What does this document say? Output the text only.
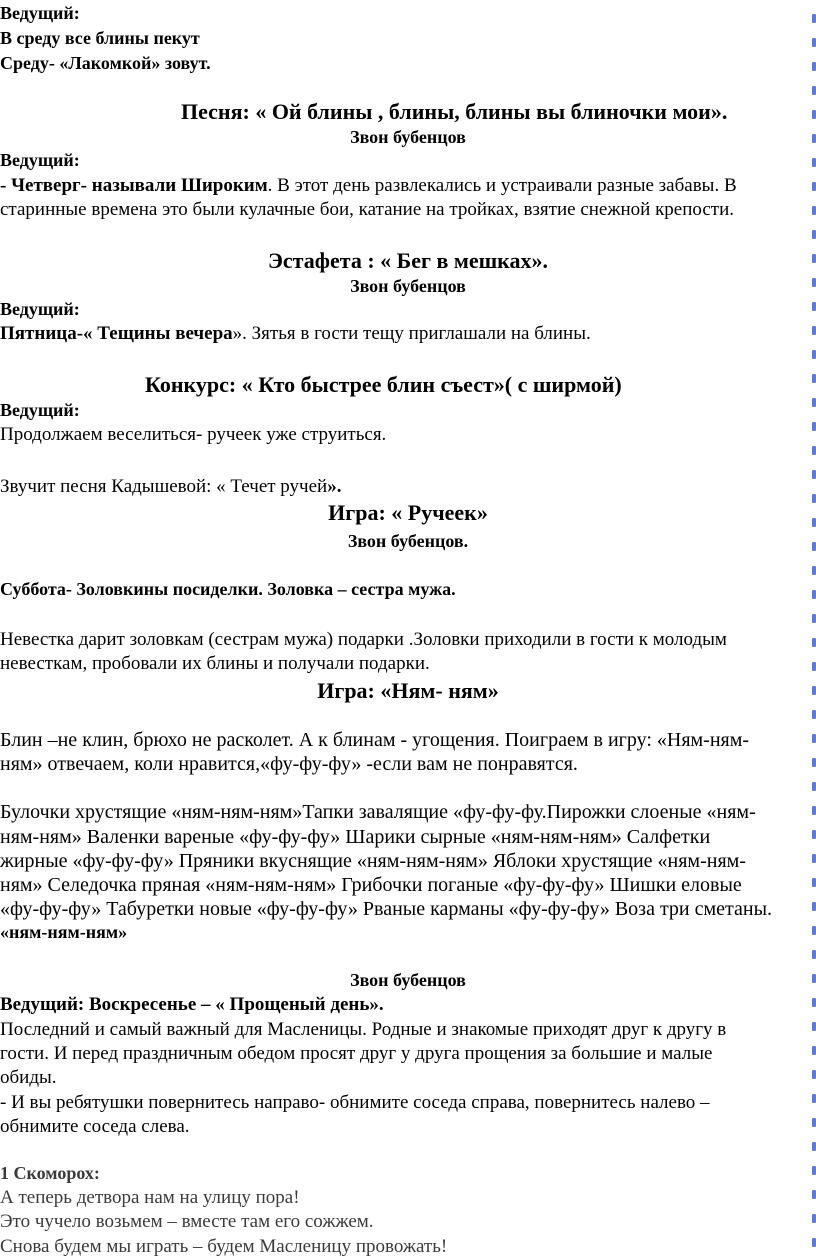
Ведущий:
В среду все блины пекут
Среду- «Лакомкой» зовут.
Песня: « Ой блины , блины, блины вы блиночки мои».
Звон бубенцов
Ведущий:
- Четверг- называли Широким. В этот день развлекались и устраивали разные забавы. В
старинные времена это были кулачные бои, катание на тройках, взятие снежной крепости.
Эстафета : « Бег в мешках».
Звон бубенцов
Ведущий:
Пятница-« Тещины вечера». Зятья в гости тещу приглашали на блины.
Конкурс: « Кто быстрее блин съест»( с ширмой)
Ведущий:
Продолжаем веселиться- ручеек уже струиться.
Звучит песня Кадышевой: « Течет ручей».
Игра: « Ручеек»
Звон бубенцов.
Суббота- Золовкины посиделки. Золовка – сестра мужа.
Невестка дарит золовкам (сестрам мужа) подарки .Золовки приходили в гости к молодым
невесткам, пробовали их блины и получали подарки.
Игра: «Ням- ням»
Блин –не клин, брюхо не расколет. А к блинам - угощения. Поиграем в игру: «Ням-ням-
ням» отвечаем, коли нравится,«фу-фу-фу» -если вам не понравятся.
Булочки хрустящие «ням-ням-ням»Тапки завалящие «фу-фу-фу.Пирожки слоеные «ням-
ням-ням» Валенки вареные «фу-фу-фу» Шарики сырные «ням-ням-ням» Салфетки
жирные «фу-фу-фу» Пряники вкуснящие «ням-ням-ням» Яблоки хрустящие «ням-ням-
ням» Селедочка пряная «ням-ням-ням» Грибочки поганые «фу-фу-фу» Шишки еловые
«фу-фу-фу» Табуретки новые «фу-фу-фу» Рваные карманы «фу-фу-фу» Воза три сметаны.
«ням-ням-ням»
Звон бубенцов
Ведущий: Воскресенье – « Прощеный день».
Последний и самый важный для Масленицы. Родные и знакомые приходят друг к другу в
гости. И перед праздничным обедом просят друг у друга прощения за большие и малые
обиды.
- И вы ребятушки повернитесь направо- обнимите соседа справа, повернитесь налево –
обнимите соседа слева.
1 Скоморох:
А теперь детвора нам на улицу пора!
Это чучело возьмем – вместе там его сожжем.
Снова будем мы играть – будем Масленицу провожать!
